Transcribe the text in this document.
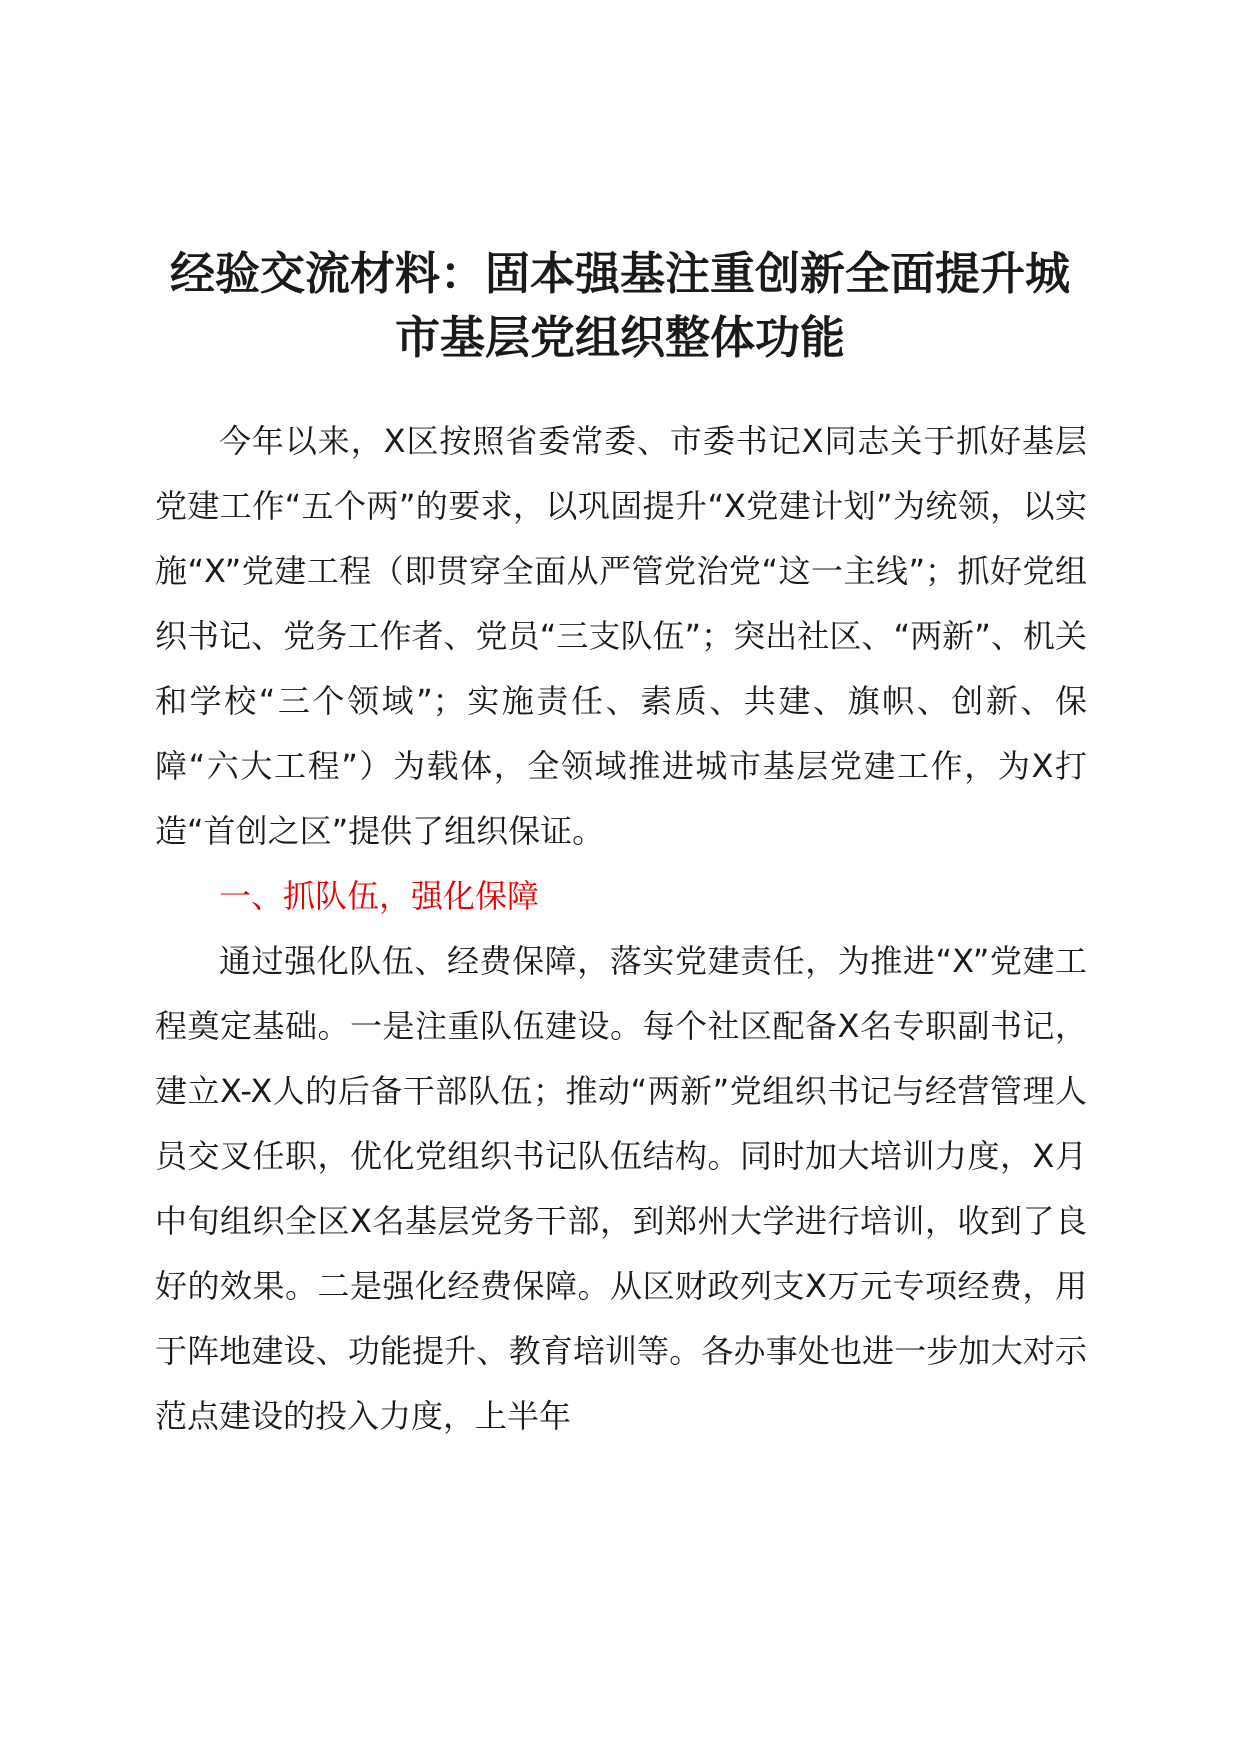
经验交流材料：固本强基注重创新全面提升城市基层党组织整体功能

今年以来，X区按照省委常委、市委书记X同志关于抓好基层党建工作“五个两”的要求，以巩固提升“X党建计划”为统领，以实施“X”党建工程（即贯穿全面从严管党治党“这一主线”；抓好党组织书记、党务工作者、党员“三支队伍”；突出社区、“两新”、机关和学校“三个领域”；实施责任、素质、共建、旗帜、创新、保障“六大工程”）为载体，全领域推进城市基层党建工作，为X打造“首创之区”提供了组织保证。

一、抓队伍，强化保障

通过强化队伍、经费保障，落实党建责任，为推进“X”党建工程奠定基础。一是注重队伍建设。每个社区配备X名专职副书记，建立X-X人的后备干部队伍；推动“两新”党组织书记与经营管理人员交叉任职，优化党组织书记队伍结构。同时加大培训力度，X月中旬组织全区X名基层党务干部，到郑州大学进行培训，收到了良好的效果。二是强化经费保障。从区财政列支X万元专项经费，用于阵地建设、功能提升、教育培训等。各办事处也进一步加大对示范点建设的投入力度，上半年
